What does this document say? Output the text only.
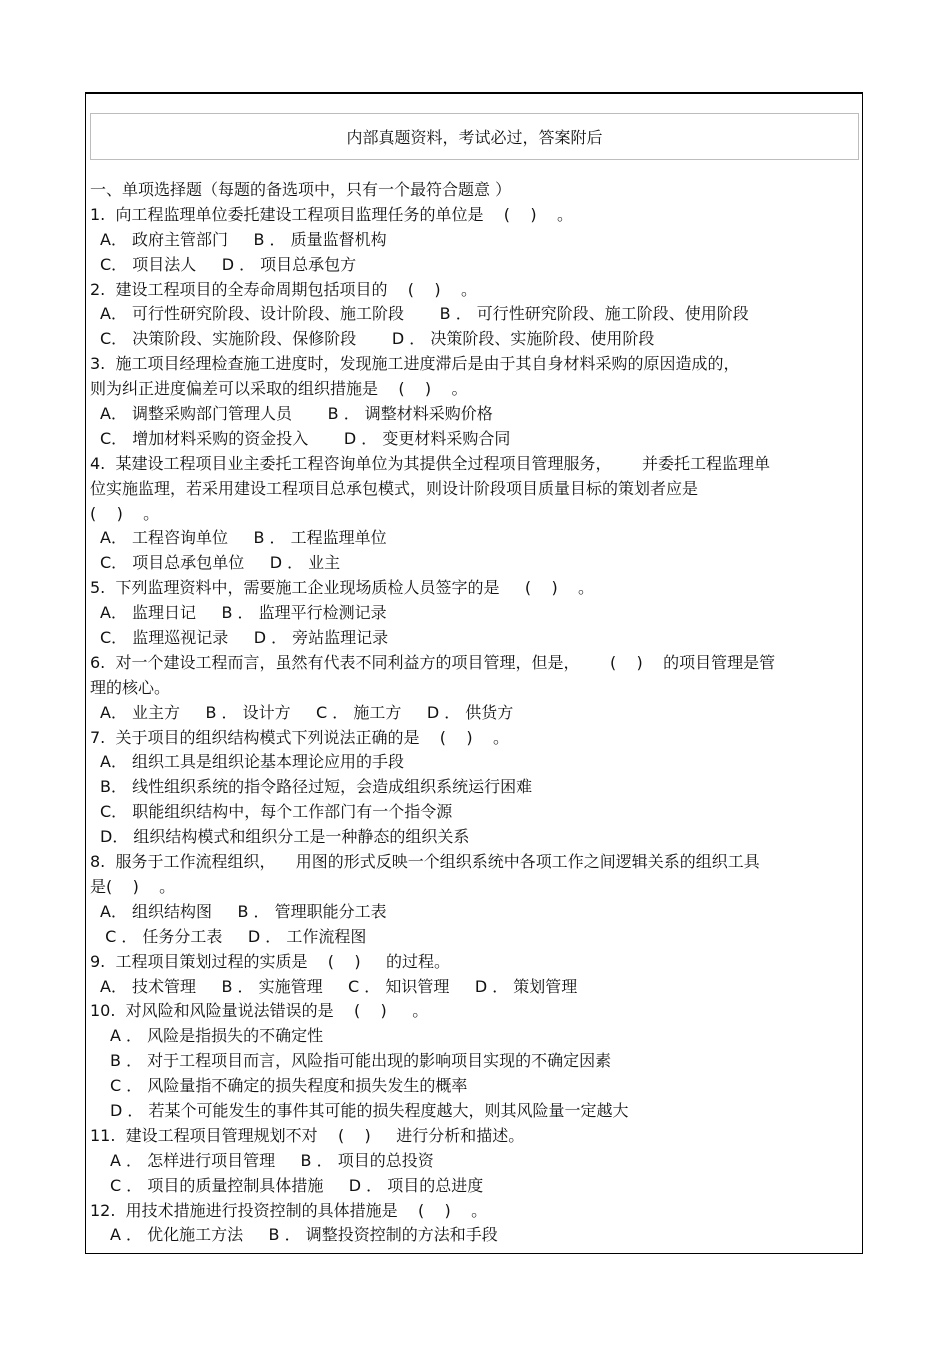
内部真题资料，考试必过，答案附后
一、单项选择题（每题的备选项中，只有一个最符合题意 ）
1.  向工程监理单位委托建设工程项目监理任务的单位是    (    )    。
A． 政府主管部门     B ． 质量监督机构
C． 项目法人     D ． 项目总承包方
2.  建设工程项目的全寿命周期包括项目的    (    )    。
A． 可行性研究阶段、设计阶段、施工阶段       B ． 可行性研究阶段、施工阶段、使用阶段
C． 决策阶段、实施阶段、保修阶段       D ． 决策阶段、实施阶段、使用阶段
3.  施工项目经理检查施工进度时，发现施工进度滞后是由于其自身材料采购的原因造成的，
则为纠正进度偏差可以采取的组织措施是    (    )    。
A． 调整采购部门管理人员       B ． 调整材料采购价格
C． 增加材料采购的资金投入       D ． 变更材料采购合同
4.  某建设工程项目业主委托工程咨询单位为其提供全过程项目管理服务，      并委托工程监理单
位实施监理，若采用建设工程项目总承包模式，则设计阶段项目质量目标的策划者应是
(    )    。
A． 工程咨询单位     B ． 工程监理单位
C． 项目总承包单位     D ． 业主
5.  下列监理资料中，需要施工企业现场质检人员签字的是     (    )    。
A． 监理日记     B ． 监理平行检测记录
C． 监理巡视记录     D ． 旁站监理记录
6.  对一个建设工程而言，虽然有代表不同利益方的项目管理，但是，      (    )    的项目管理是管
理的核心。
A． 业主方     B ． 设计方     C ． 施工方     D ． 供货方
7.  关于项目的组织结构模式下列说法正确的是    (    )    。
A． 组织工具是组织论基本理论应用的手段
B． 线性组织系统的指令路径过短，会造成组织系统运行困难
C． 职能组织结构中，每个工作部门有一个指令源
D． 组织结构模式和组织分工是一种静态的组织关系
8.  服务于工作流程组织，    用图的形式反映一个组织系统中各项工作之间逻辑关系的组织工具
是(    )    。
A． 组织结构图     B ． 管理职能分工表
C ． 任务分工表     D ． 工作流程图
9.  工程项目策划过程的实质是    (    )     的过程。
A． 技术管理     B ． 实施管理     C ． 知识管理     D ． 策划管理
10.  对风险和风险量说法错误的是    (    )     。
A ． 风险是指损失的不确定性
B ． 对于工程项目而言，风险指可能出现的影响项目实现的不确定因素
C ． 风险量指不确定的损失程度和损失发生的概率
D ． 若某个可能发生的事件其可能的损失程度越大，则其风险量一定越大
11.  建设工程项目管理规划不对    (    )     进行分析和描述。
A ． 怎样进行项目管理     B ． 项目的总投资
C ． 项目的质量控制具体措施     D ． 项目的总进度
12.  用技术措施进行投资控制的具体措施是    (    )    。
A ． 优化施工方法     B ． 调整投资控制的方法和手段
